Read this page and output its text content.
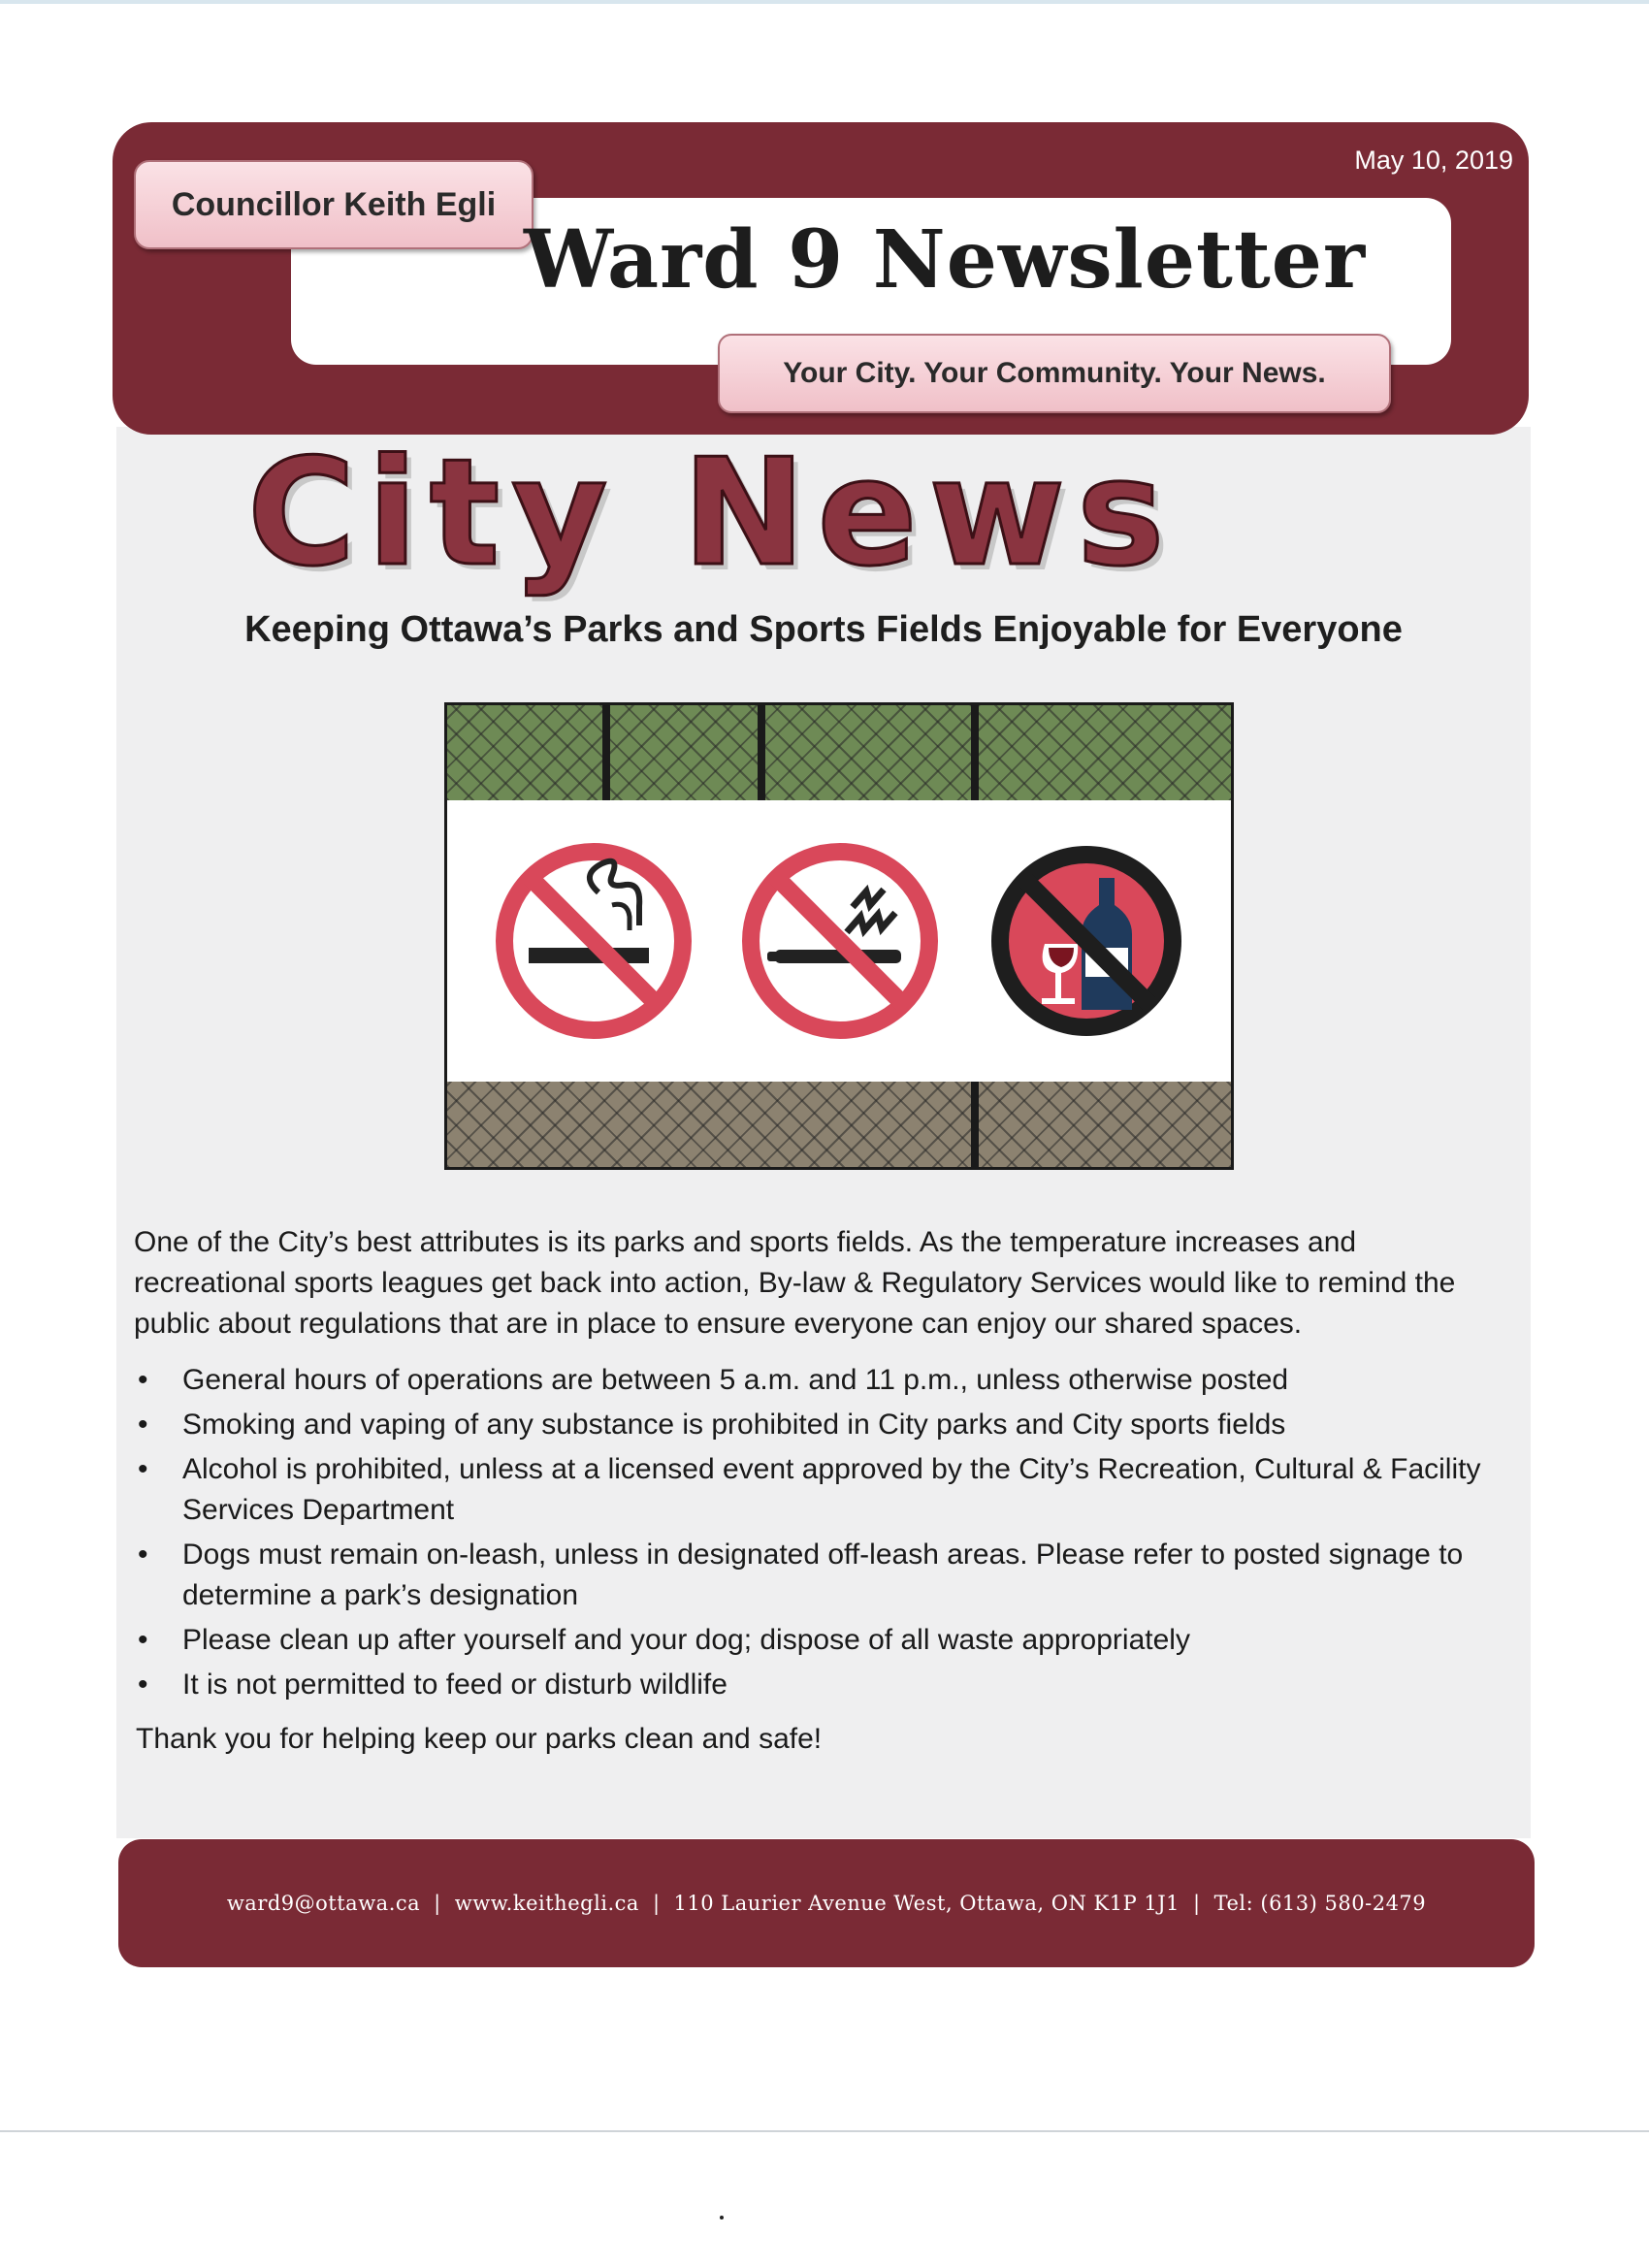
May 10, 2019
Councillor Keith Egli
Ward 9 Newsletter
Your City. Your Community. Your News.
City News
Keeping Ottawa’s Parks and Sports Fields Enjoyable for Everyone
One of the City’s best attributes is its parks and sports fields. As the temperature increases and recreational sports leagues get back into action, By-law & Regulatory Services would like to remind the public about regulations that are in place to ensure everyone can enjoy our shared spaces.
• General hours of operations are between 5 a.m. and 11 p.m., unless otherwise posted
• Smoking and vaping of any substance is prohibited in City parks and City sports fields
• Alcohol is prohibited, unless at a licensed event approved by the City’s Recreation, Cultural & Facility Services Department
• Dogs must remain on-leash, unless in designated off-leash areas. Please refer to posted signage to determine a park’s designation
• Please clean up after yourself and your dog; dispose of all waste appropriately
• It is not permitted to feed or disturb wildlife
Thank you for helping keep our parks clean and safe!
ward9@ottawa.ca | www.keithegli.ca | 110 Laurier Avenue West, Ottawa, ON K1P 1J1 | Tel: (613) 580-2479
